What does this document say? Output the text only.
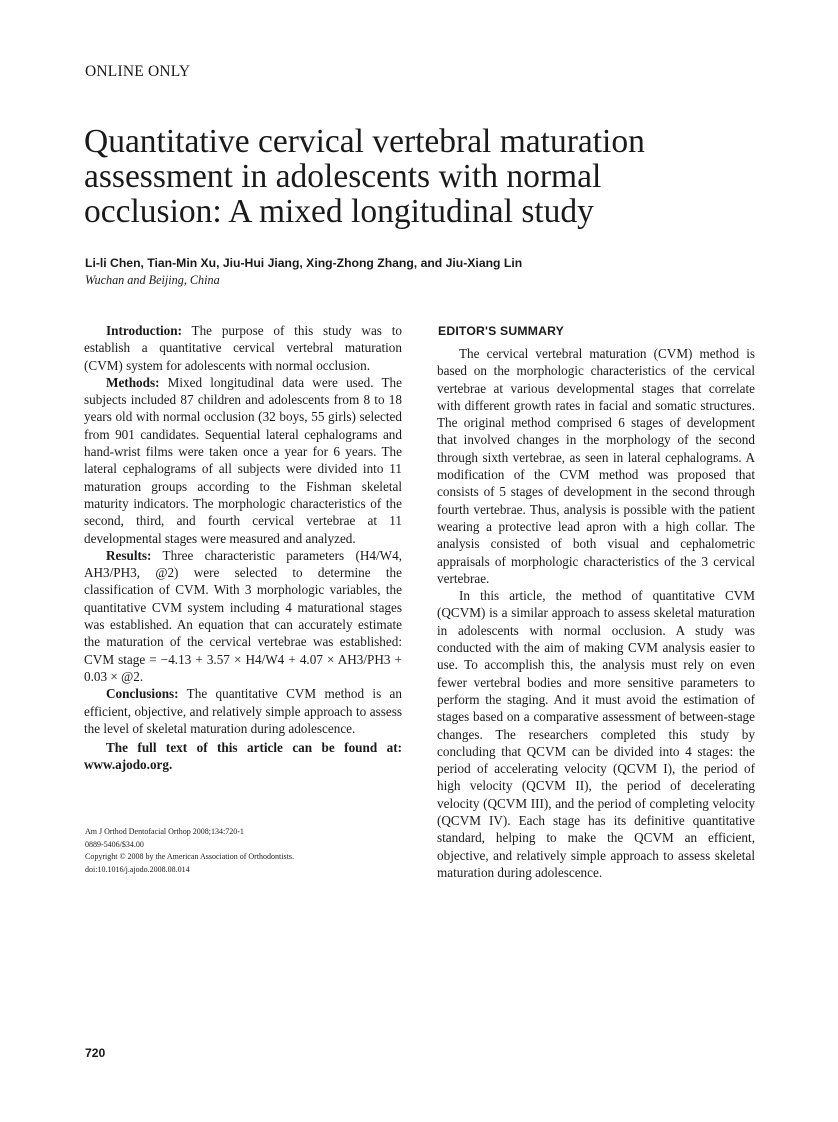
ONLINE ONLY
Quantitative cervical vertebral maturation
assessment in adolescents with normal
occlusion: A mixed longitudinal study
Li-li Chen, Tian-Min Xu, Jiu-Hui Jiang, Xing-Zhong Zhang, and Jiu-Xiang Lin
Wuchan and Beijing, China

Introduction: The purpose of this study was to establish a quantitative cervical vertebral maturation (CVM) system for adolescents with normal occlusion.

Methods: Mixed longitudinal data were used. The subjects included 87 children and adolescents from 8 to 18 years old with normal occlusion (32 boys, 55 girls) selected from 901 candidates. Sequential lateral cephalograms and hand-wrist films were taken once a year for 6 years. The lateral cephalograms of all subjects were divided into 11 maturation groups according to the Fishman skeletal maturity indicators. The morphologic characteristics of the second, third, and fourth cervical vertebrae at 11 developmental stages were measured and analyzed.

Results: Three characteristic parameters (H4/W4, AH3/PH3, @2) were selected to determine the classification of CVM. With 3 morphologic variables, the quantitative CVM system including 4 maturational stages was established. An equation that can accurately estimate the maturation of the cervical vertebrae was established: CVM stage = −4.13 + 3.57 × H4/W4 + 4.07 × AH3/PH3 + 0.03 × @2.

Conclusions: The quantitative CVM method is an efficient, objective, and relatively simple approach to assess the level of skeletal maturation during adolescence.

The full text of this article can be found at: www.ajodo.org.

Am J Orthod Dentofacial Orthop 2008;134:720-1
0889-5406/$34.00
Copyright © 2008 by the American Association of Orthodontists.
doi:10.1016/j.ajodo.2008.08.014
EDITOR'S SUMMARY

The cervical vertebral maturation (CVM) method is based on the morphologic characteristics of the cervical vertebrae at various developmental stages that correlate with different growth rates in facial and somatic structures. The original method comprised 6 stages of development that involved changes in the morphology of the second through sixth vertebrae, as seen in lateral cephalograms. A modification of the CVM method was proposed that consists of 5 stages of development in the second through fourth vertebrae. Thus, analysis is possible with the patient wearing a protective lead apron with a high collar. The analysis consisted of both visual and cephalometric appraisals of morphologic characteristics of the 3 cervical vertebrae.

In this article, the method of quantitative CVM (QCVM) is a similar approach to assess skeletal maturation in adolescents with normal occlusion. A study was conducted with the aim of making CVM analysis easier to use. To accomplish this, the analysis must rely on even fewer vertebral bodies and more sensitive parameters to perform the staging. And it must avoid the estimation of stages based on a comparative assessment of between-stage changes. The researchers completed this study by concluding that QCVM can be divided into 4 stages: the period of accelerating velocity (QCVM I), the period of high velocity (QCVM II), the period of decelerating velocity (QCVM III), and the period of completing velocity (QCVM IV). Each stage has its definitive quantitative standard, helping to make the QCVM an efficient, objective, and relatively simple approach to assess skeletal maturation during adolescence.

720
